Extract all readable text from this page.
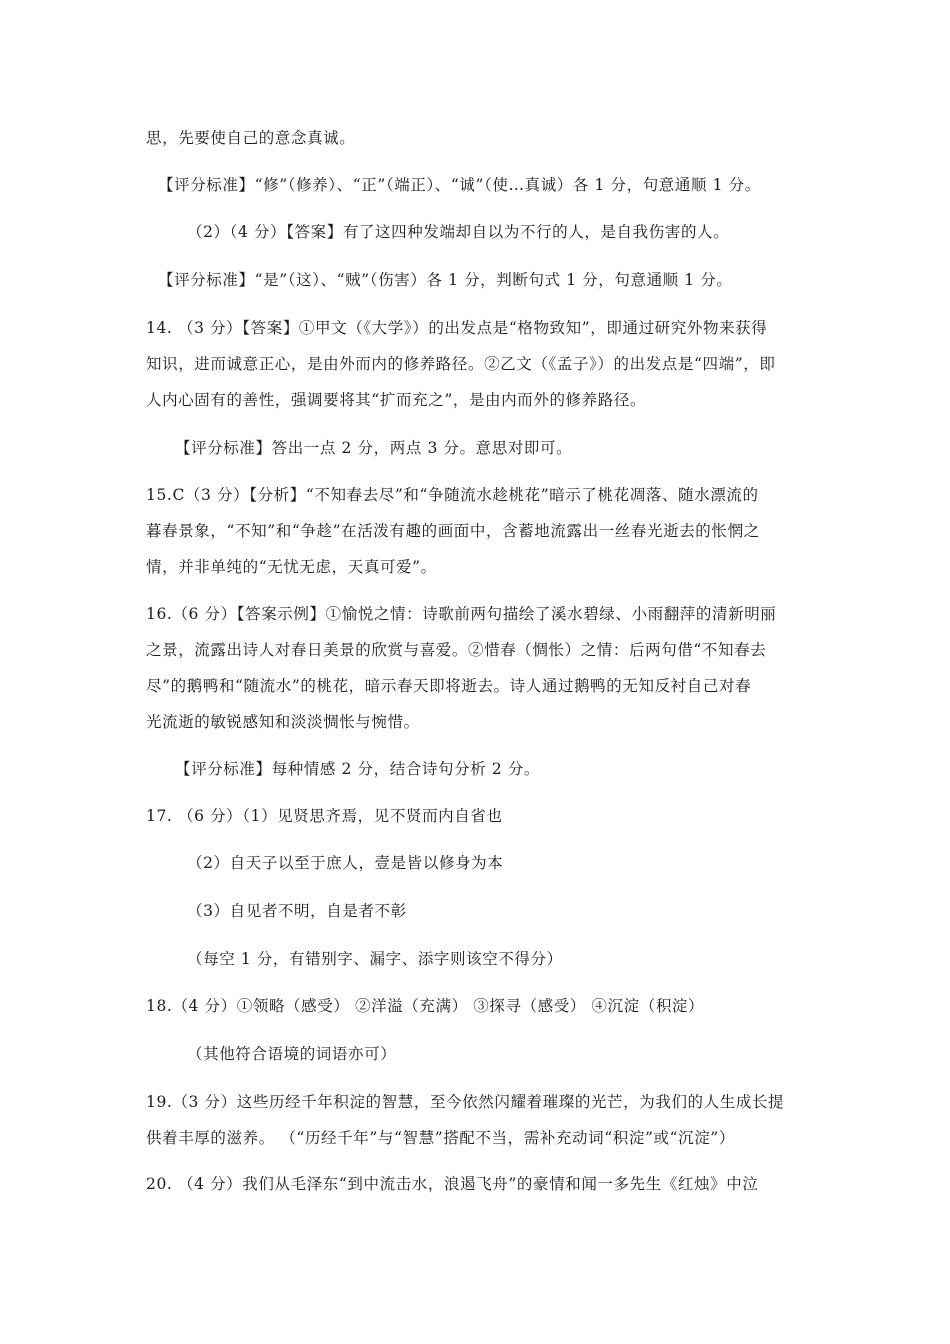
思，先要使自己的意念真诚。
【评分标准】“修”（修养）、“正”（端正）、“诚”（使…真诚）各 1 分，句意通顺 1 分。
（2）（4 分）【答案】有了这四种发端却自以为不行的人，是自我伤害的人。
【评分标准】“是”（这）、“贼”（伤害）各 1 分，判断句式 1 分，句意通顺 1 分。
14. （3 分）【答案】①甲文（《大学》）的出发点是“格物致知”，即通过研究外物来获得
知识，进而诚意正心，是由外而内的修养路径。②乙文（《孟子》）的出发点是“四端”，即
人内心固有的善性，强调要将其“扩而充之”，是由内而外的修养路径。
【评分标准】答出一点 2 分，两点 3 分。意思对即可。
15.C（3 分）【分析】“不知春去尽”和“争随流水趁桃花”暗示了桃花凋落、随水漂流的
暮春景象，“不知”和“争趁”在活泼有趣的画面中，含蓄地流露出一丝春光逝去的怅惘之
情，并非单纯的“无忧无虑，天真可爱”。
16.（6 分）【答案示例】①愉悦之情：诗歌前两句描绘了溪水碧绿、小雨翻萍的清新明丽
之景，流露出诗人对春日美景的欣赏与喜爱。②惜春（惆怅）之情：后两句借“不知春去
尽”的鹅鸭和“随流水”的桃花，暗示春天即将逝去。诗人通过鹅鸭的无知反衬自己对春
光流逝的敏锐感知和淡淡惆怅与惋惜。
【评分标准】每种情感 2 分，结合诗句分析 2 分。
17. （6 分）（1）见贤思齐焉，见不贤而内自省也
（2）自天子以至于庶人，壹是皆以修身为本
（3）自见者不明，自是者不彰
（每空 1 分，有错别字、漏字、添字则该空不得分）
18.（4 分）①领略（感受） ②洋溢（充满） ③探寻（感受） ④沉淀（积淀）
（其他符合语境的词语亦可）
19.（3 分）这些历经千年积淀的智慧，至今依然闪耀着璀璨的光芒，为我们的人生成长提
供着丰厚的滋养。 （“历经千年”与“智慧”搭配不当，需补充动词“积淀”或“沉淀”）
20. （4 分）我们从毛泽东“到中流击水，浪遏飞舟”的豪情和闻一多先生《红烛》中泣
